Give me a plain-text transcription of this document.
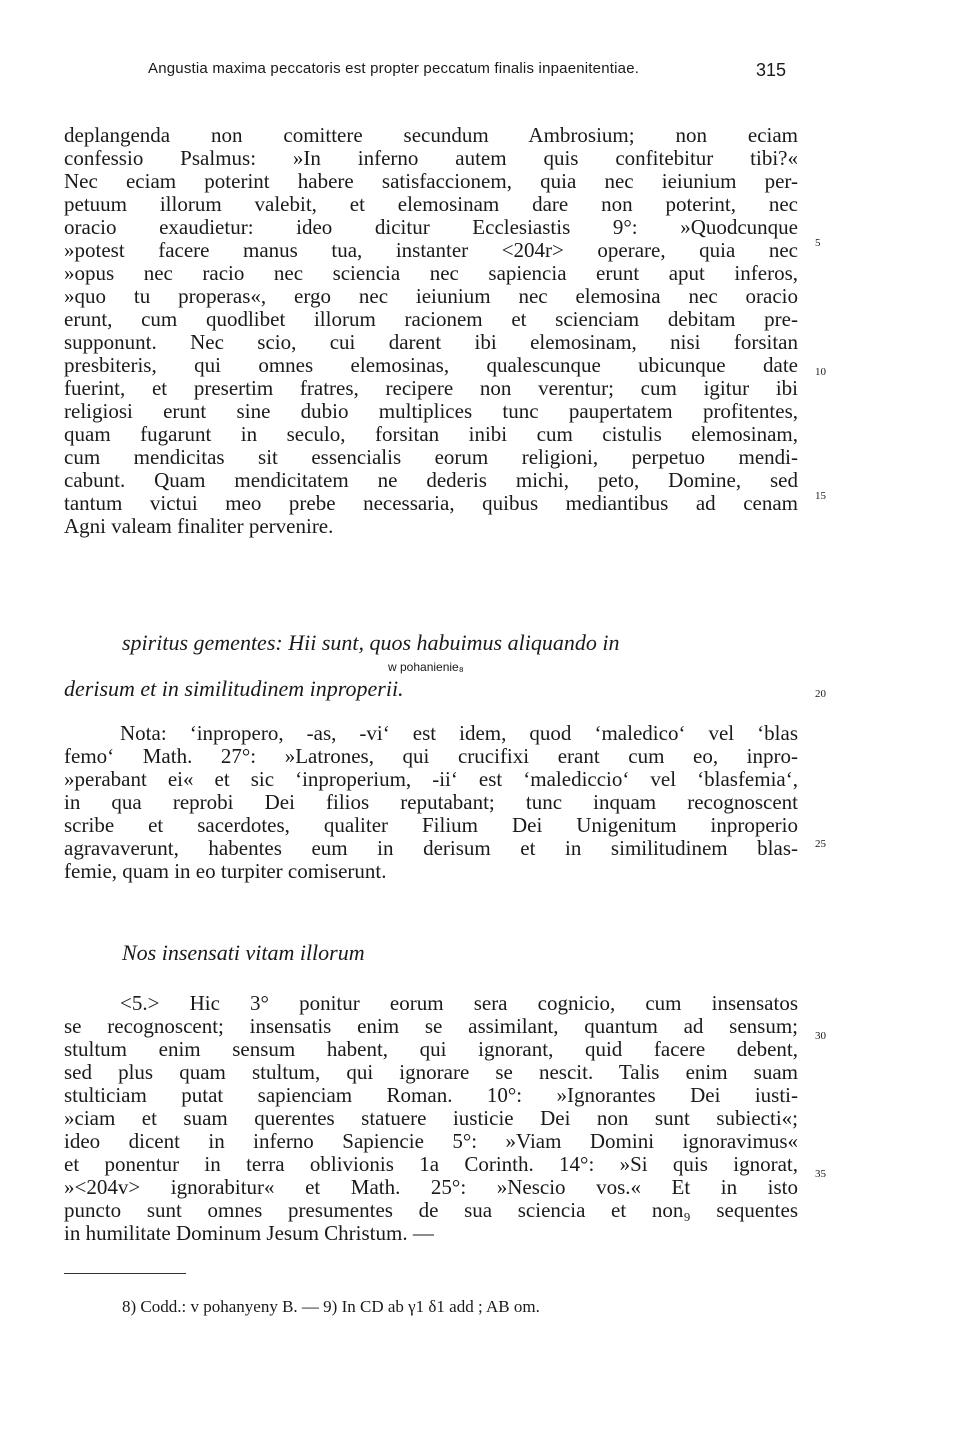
Angustia maxima peccatoris est propter peccatum finalis inpaenitentiae.	315
deplangenda non comittere secundum Ambrosium; non eciam
confessio Psalmus: »In inferno autem quis confitebitur tibi?«
Nec eciam poterint habere satisfaccionem, quia nec ieiunium per-
petuum illorum valebit, et elemosinam dare non poterint, nec
oracio exaudietur: ideo dicitur Ecclesiastis 9°: »Quodcunque
»potest facere manus tua, instanter <204r> operare, quia nec
»opus nec racio nec sciencia nec sapiencia erunt aput inferos,
»quo tu properas«, ergo nec ieiunium nec elemosina nec oracio
erunt, cum quodlibet illorum racionem et scienciam debitam pre-
supponunt. Nec scio, cui darent ibi elemosinam, nisi forsitan
presbiteris, qui omnes elemosinas, qualescunque ubicunque date
fuerint, et presertim fratres, recipere non verentur; cum igitur ibi
religiosi erunt sine dubio multiplices tunc paupertatem profitentes,
quam fugarunt in seculo, forsitan inibi cum cistulis elemosinam,
cum mendicitas sit essencialis eorum religioni, perpetuo mendi-
cabunt. Quam mendicitatem ne dederis michi, peto, Domine, sed
tantum victui meo prebe necessaria, quibus mediantibus ad cenam
Agni valeam finaliter pervenire.
spiritus gementes: Hii sunt, quos habuimus aliquando in
w pohanienie₈
derisum et in similitudinem inproperii.
Nota: ‘inpropero, -as, -vi‘ est idem, quod ‘maledico‘ vel ‘blas
femo‘ Math. 27°: »Latrones, qui crucifixi erant cum eo, inpro-
»perabant ei« et sic ‘inproperium, -ii‘ est ‘malediccio‘ vel ‘blasfemia‘,
in qua reprobi Dei filios reputabant; tunc inquam recognoscent
scribe et sacerdotes, qualiter Filium Dei Unigenitum inproperio
agravaverunt, habentes eum in derisum et in similitudinem blas-
femie, quam in eo turpiter comiserunt.
Nos insensati vitam illorum
<5.> Hic 3° ponitur eorum sera cognicio, cum insensatos
se recognoscent; insensatis enim se assimilant, quantum ad sensum;
stultum enim sensum habent, qui ignorant, quid facere debent,
sed plus quam stultum, qui ignorare se nescit. Talis enim suam
stulticiam putat sapienciam Roman. 10°: »Ignorantes Dei iusti-
»ciam et suam querentes statuere iusticie Dei non sunt subiecti«;
ideo dicent in inferno Sapiencie 5°: »Viam Domini ignoravimus«
et ponentur in terra oblivionis 1a Corinth. 14°: »Si quis ignorat,
»<204v> ignorabitur« et Math. 25°: »Nescio vos.« Et in isto
puncto sunt omnes presumentes de sua sciencia et non₉ sequentes
in humilitate Dominum Jesum Christum. —
5
10
15
20
25
30
35
8) Codd.: v pohanyeny B. — 9) In CD ab γ1 δ1 add ; AB om.
